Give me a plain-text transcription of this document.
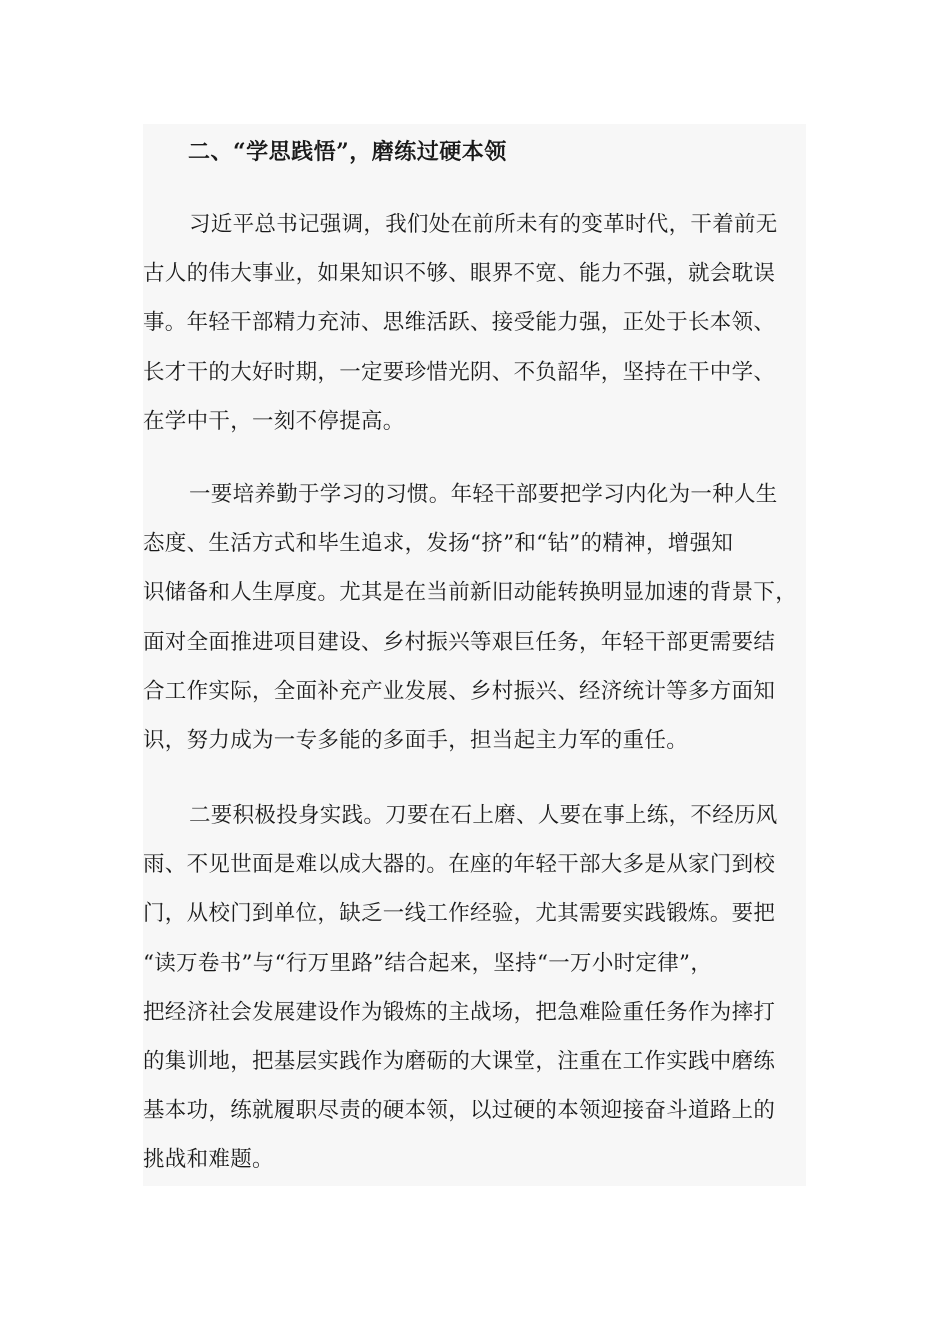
二、“学思践悟”，磨练过硬本领

习近平总书记强调，我们处在前所未有的变革时代，干着前无
古人的伟大事业，如果知识不够、眼界不宽、能力不强，就会耽误
事。年轻干部精力充沛、思维活跃、接受能力强，正处于长本领、
长才干的大好时期，一定要珍惜光阴、不负韶华，坚持在干中学、
在学中干，一刻不停提高。

一要培养勤于学习的习惯。年轻干部要把学习内化为一种人生
态度、生活方式和毕生追求，发扬“挤”和“钻”的精神，增强知
识储备和人生厚度。尤其是在当前新旧动能转换明显加速的背景下，
面对全面推进项目建设、乡村振兴等艰巨任务，年轻干部更需要结
合工作实际，全面补充产业发展、乡村振兴、经济统计等多方面知
识，努力成为一专多能的多面手，担当起主力军的重任。

二要积极投身实践。刀要在石上磨、人要在事上练，不经历风
雨、不见世面是难以成大器的。在座的年轻干部大多是从家门到校
门，从校门到单位，缺乏一线工作经验，尤其需要实践锻炼。要把
“读万卷书”与“行万里路”结合起来，坚持“一万小时定律”，
把经济社会发展建设作为锻炼的主战场，把急难险重任务作为摔打
的集训地，把基层实践作为磨砺的大课堂，注重在工作实践中磨练
基本功，练就履职尽责的硬本领，以过硬的本领迎接奋斗道路上的
挑战和难题。
